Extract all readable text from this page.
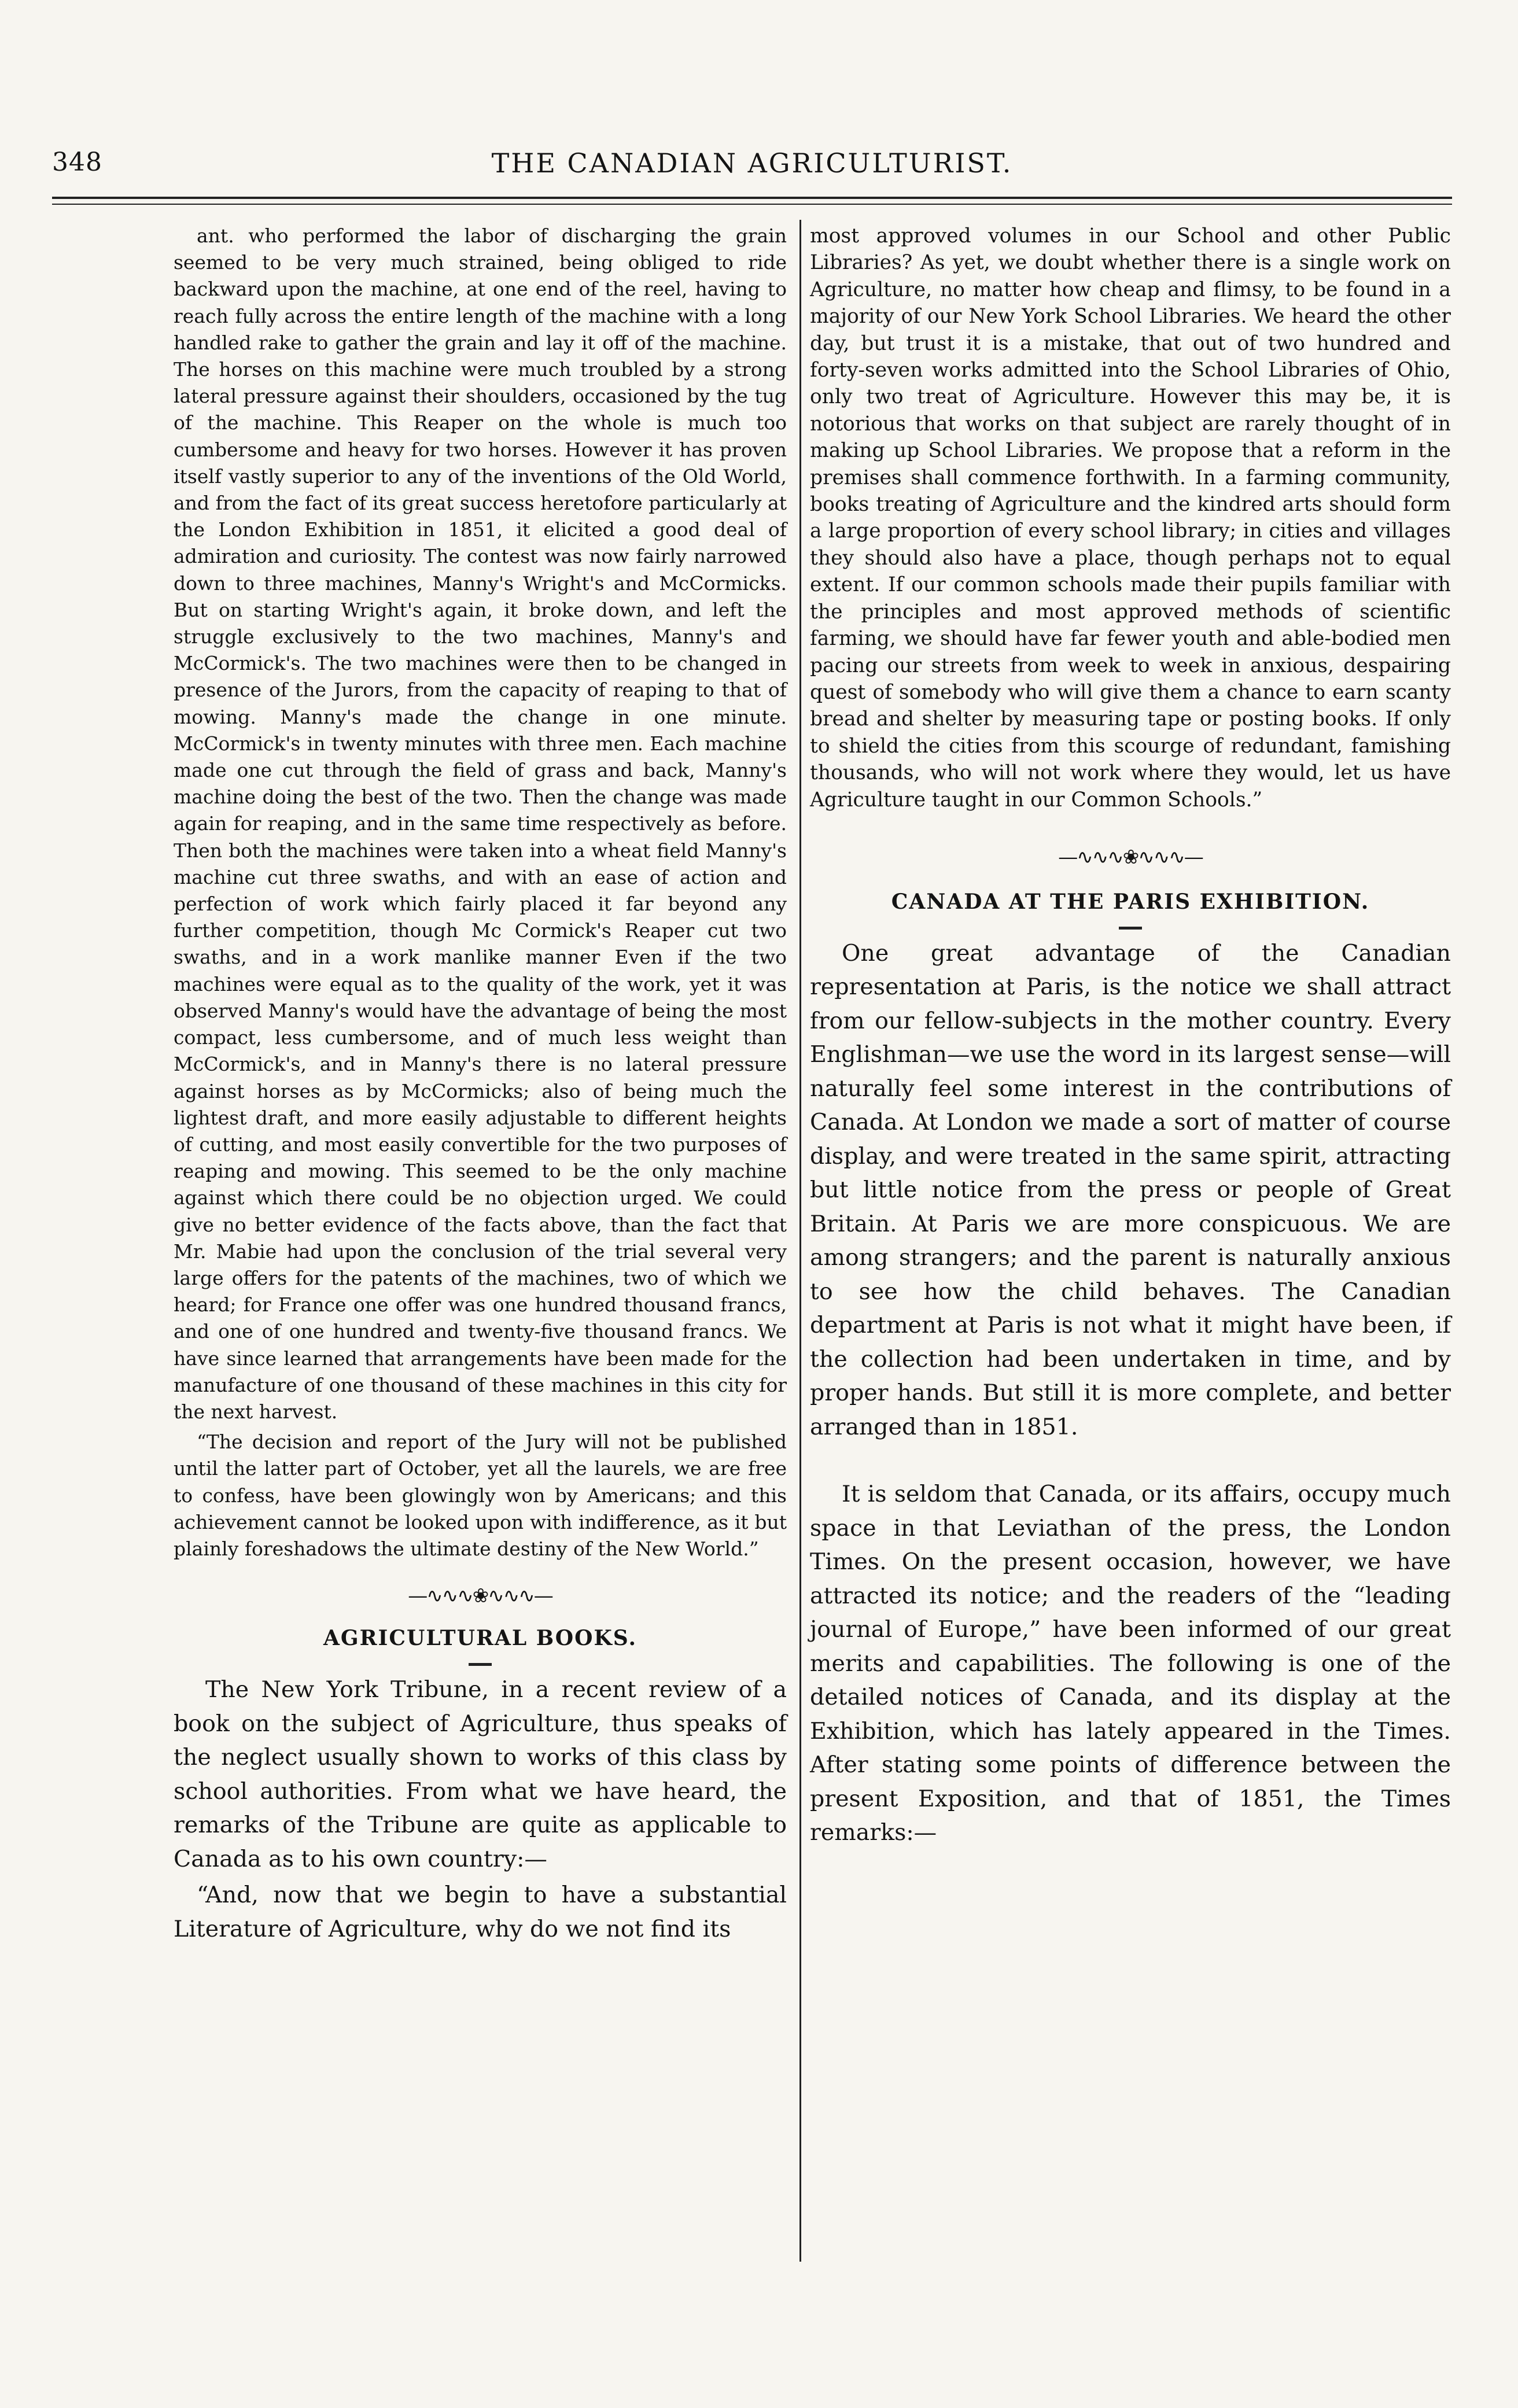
348	THE CANADIAN AGRICULTURIST.

ant. who performed the labor of discharging the grain seemed to be very much strained, being obliged to ride backward upon the machine, at one end of the reel, having to reach fully across the entire length of the machine with a long handled rake to gather the grain and lay it off of the machine. The horses on this machine were much troubled by a strong lateral pressure against their shoulders, occasioned by the tug of the machine. This Reaper on the whole is much too cumbersome and heavy for two horses. However it has proven itself vastly superior to any of the inventions of the Old World, and from the fact of its great success heretofore particularly at the London Exhibition in 1851, it elicited a good deal of admiration and curiosity. The contest was now fairly narrowed down to three machines, Manny's Wright's and McCormicks. But on starting Wright's again, it broke down, and left the struggle exclusively to the two machines, Manny's and McCormick's. The two machines were then to be changed in presence of the Jurors, from the capacity of reaping to that of mowing. Manny's made the change in one minute. McCormick's in twenty minutes with three men. Each machine made one cut through the field of grass and back, Manny's machine doing the best of the two. Then the change was made again for reaping, and in the same time respectively as before. Then both the machines were taken into a wheat field Manny's machine cut three swaths, and with an ease of action and perfection of work which fairly placed it far beyond any further competition, though Mc Cormick's Reaper cut two swaths, and in a work manlike manner Even if the two machines were equal as to the quality of the work, yet it was observed Manny's would have the advantage of being the most compact, less cumbersome, and of much less weight than McCormick's, and in Manny's there is no lateral pressure against horses as by McCormicks; also of being much the lightest draft, and more easily adjustable to different heights of cutting, and most easily convertible for the two purposes of reaping and mowing. This seemed to be the only machine against which there could be no objection urged. We could give no better evidence of the facts above, than the fact that Mr. Mabie had upon the conclusion of the trial several very large offers for the patents of the machines, two of which we heard; for France one offer was one hundred thousand francs, and one of one hundred and twenty-five thousand francs. We have since learned that arrangements have been made for the manufacture of one thousand of these machines in this city for the next harvest.

“The decision and report of the Jury will not be published until the latter part of October, yet all the laurels, we are free to confess, have been glowingly won by Americans; and this achievement cannot be looked upon with indifference, as it but plainly foreshadows the ultimate destiny of the New World.”

—∿∿∿❀∿∿∿—

AGRICULTURAL BOOKS.

The New York Tribune, in a recent review of a book on the subject of Agriculture, thus speaks of the neglect usually shown to works of this class by school authorities. From what we have heard, the remarks of the Tribune are quite as applicable to Canada as to his own country:—

“And, now that we begin to have a substantial Literature of Agriculture, why do we not find its

most approved volumes in our School and other Public Libraries? As yet, we doubt whether there is a single work on Agriculture, no matter how cheap and flimsy, to be found in a majority of our New York School Libraries. We heard the other day, but trust it is a mistake, that out of two hundred and forty-seven works admitted into the School Libraries of Ohio, only two treat of Agriculture. However this may be, it is notorious that works on that subject are rarely thought of in making up School Libraries. We propose that a reform in the premises shall commence forthwith. In a farming community, books treating of Agriculture and the kindred arts should form a large proportion of every school library; in cities and villages they should also have a place, though perhaps not to equal extent. If our common schools made their pupils familiar with the principles and most approved methods of scientific farming, we should have far fewer youth and able-bodied men pacing our streets from week to week in anxious, despairing quest of somebody who will give them a chance to earn scanty bread and shelter by measuring tape or posting books. If only to shield the cities from this scourge of redundant, famishing thousands, who will not work where they would, let us have Agriculture taught in our Common Schools.”

—∿∿∿❀∿∿∿—

CANADA AT THE PARIS EXHIBITION.

One great advantage of the Canadian representation at Paris, is the notice we shall attract from our fellow-subjects in the mother country. Every Englishman—we use the word in its largest sense—will naturally feel some interest in the contributions of Canada. At London we made a sort of matter of course display, and were treated in the same spirit, attracting but little notice from the press or people of Great Britain. At Paris we are more conspicuous. We are among strangers; and the parent is naturally anxious to see how the child behaves. The Canadian department at Paris is not what it might have been, if the collection had been undertaken in time, and by proper hands. But still it is more complete, and better arranged than in 1851.

It is seldom that Canada, or its affairs, occupy much space in that Leviathan of the press, the London Times. On the present occasion, however, we have attracted its notice; and the readers of the “leading journal of Europe,” have been informed of our great merits and capabilities. The following is one of the detailed notices of Canada, and its display at the Exhibition, which has lately appeared in the Times. After stating some points of difference between the present Exposition, and that of 1851, the Times remarks:—
